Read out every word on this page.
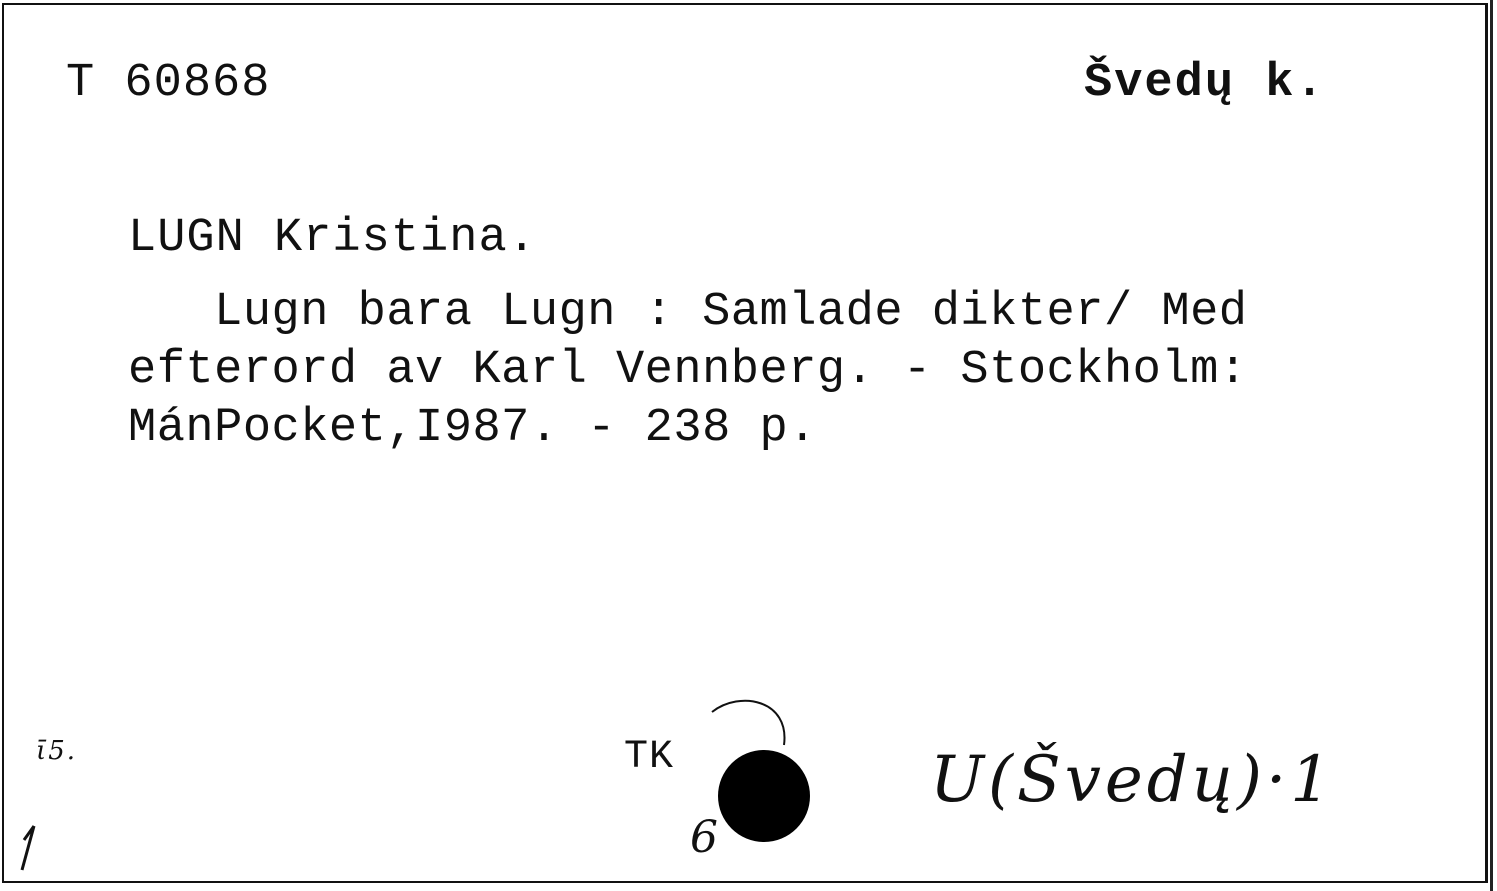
T 60868	Švedų k.

LUGN Kristina.

Lugn bara Lugn : Samlade dikter/ Med
efterord av Karl Vennberg. - Stockholm:
MánPocket,I987. - 238 p.

TK

ῑ5.
6
U(Švedų)·1
